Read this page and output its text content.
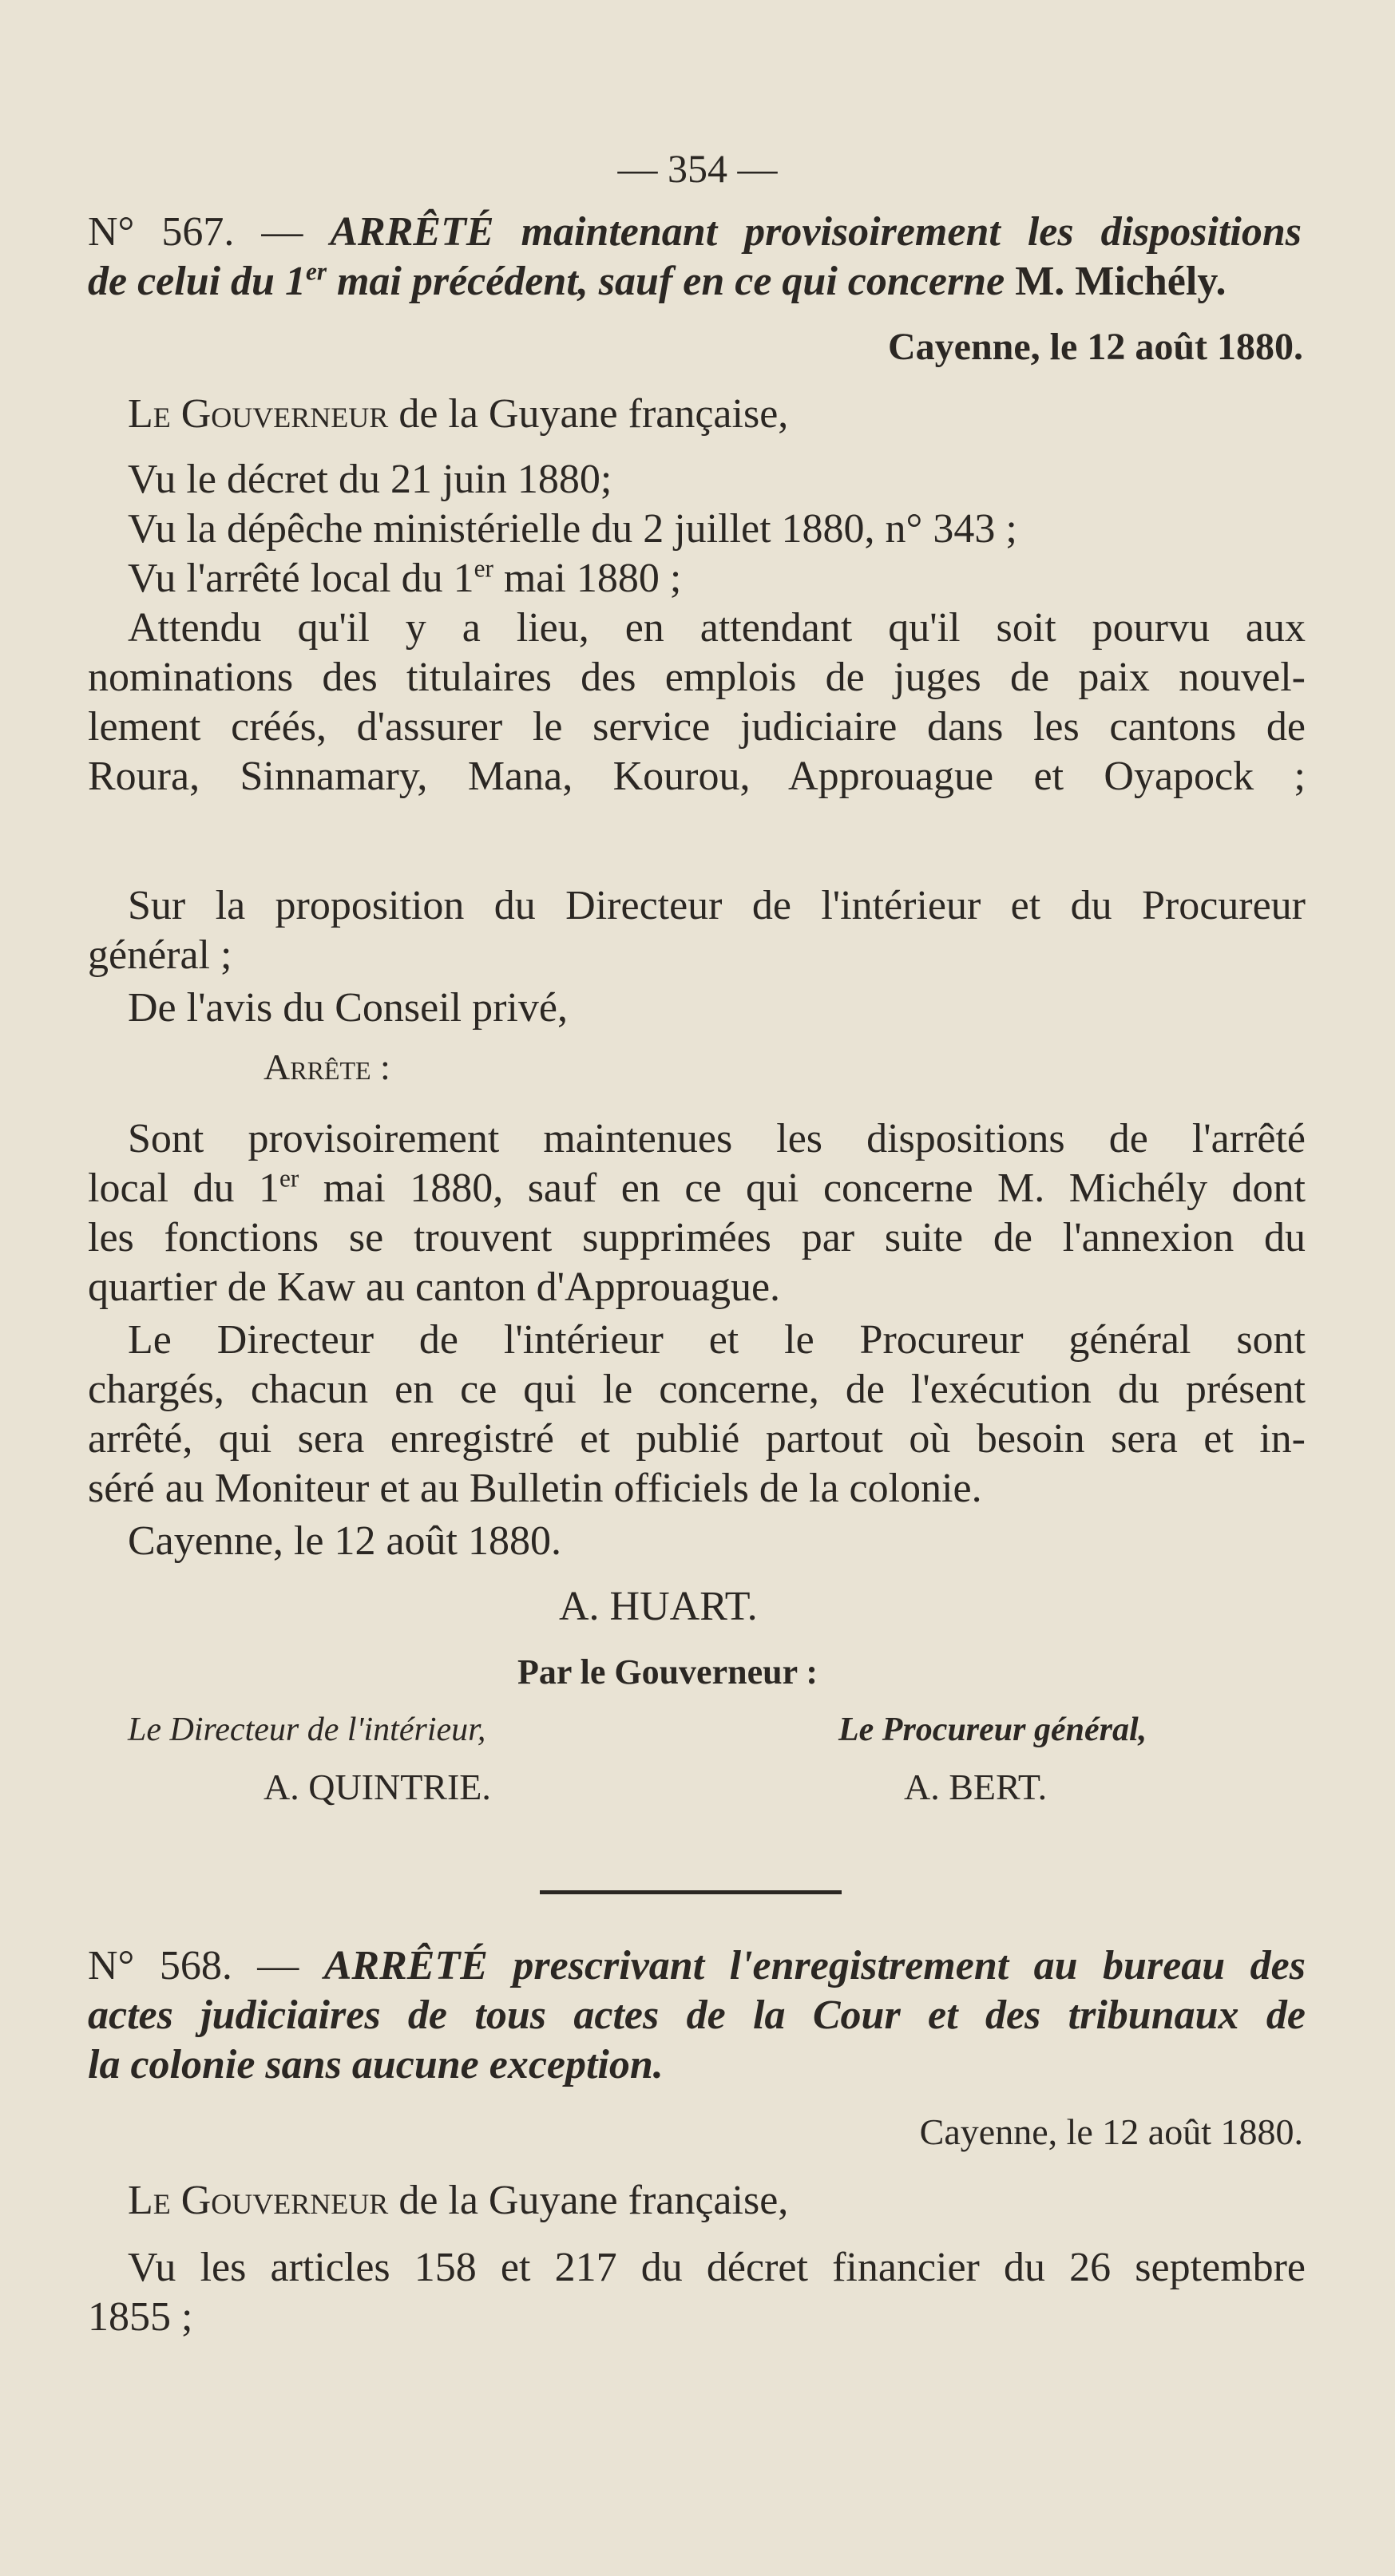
— 354 —
N° 567. — ARRÊTÉ maintenant provisoirement les dispositions
de celui du 1er mai précédent, sauf en ce qui concerne M. Michély.
Cayenne, le 12 août 1880.
Le Gouverneur de la Guyane française,
Vu le décret du 21 juin 1880;
Vu la dépêche ministérielle du 2 juillet 1880, n° 343 ;
Vu l'arrêté local du 1er mai 1880 ;
Attendu qu'il y a lieu, en attendant qu'il soit pourvu aux
nominations des titulaires des emplois de juges de paix nouvel-
lement créés, d'assurer le service judiciaire dans les cantons de
Roura, Sinnamary, Mana, Kourou, Approuague et Oyapock ;
Sur la proposition du Directeur de l'intérieur et du Procureur
général ;
De l'avis du Conseil privé,
Arrête :
Sont provisoirement maintenues les dispositions de l'arrêté
local du 1er mai 1880, sauf en ce qui concerne M. Michély dont
les fonctions se trouvent supprimées par suite de l'annexion du
quartier de Kaw au canton d'Approuague.
Le Directeur de l'intérieur et le Procureur général sont
chargés, chacun en ce qui le concerne, de l'exécution du présent
arrêté, qui sera enregistré et publié partout où besoin sera et in-
séré au Moniteur et au Bulletin officiels de la colonie.
Cayenne, le 12 août 1880.
A. HUART.
Par le Gouverneur :
Le Directeur de l'intérieur,	Le Procureur général,
A. QUINTRIE.	A. BERT.
N° 568. — ARRÊTÉ prescrivant l'enregistrement au bureau des
actes judiciaires de tous actes de la Cour et des tribunaux de
la colonie sans aucune exception.
Cayenne, le 12 août 1880.
Le Gouverneur de la Guyane française,
Vu les articles 158 et 217 du décret financier du 26 septembre
1855 ;
